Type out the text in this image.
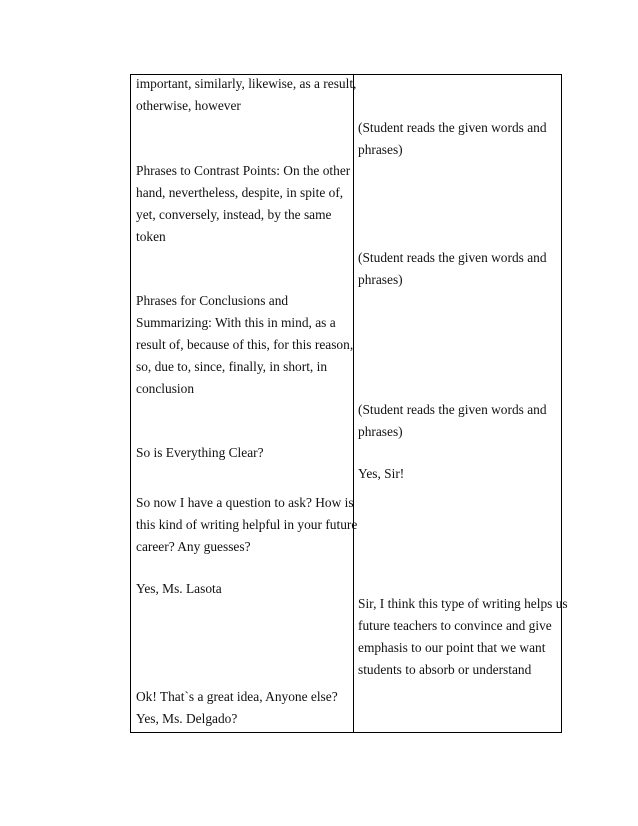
important, similarly, likewise, as a result,
otherwise, however
Phrases to Contrast Points: On the other
hand, nevertheless, despite, in spite of,
yet, conversely, instead, by the same
token
Phrases for Conclusions and
Summarizing: With this in mind, as a
result of, because of this, for this reason,
so, due to, since, finally, in short, in
conclusion
So is Everything Clear?
So now I have a question to ask? How is
this kind of writing helpful in your future
career? Any guesses?
Yes, Ms. Lasota
Ok! That`s a great idea, Anyone else?
Yes, Ms. Delgado?
(Student reads the given words and
phrases)
(Student reads the given words and
phrases)
(Student reads the given words and
phrases)
Yes, Sir!
Sir, I think this type of writing helps us
future teachers to convince and give
emphasis to our point that we want
students to absorb or understand
